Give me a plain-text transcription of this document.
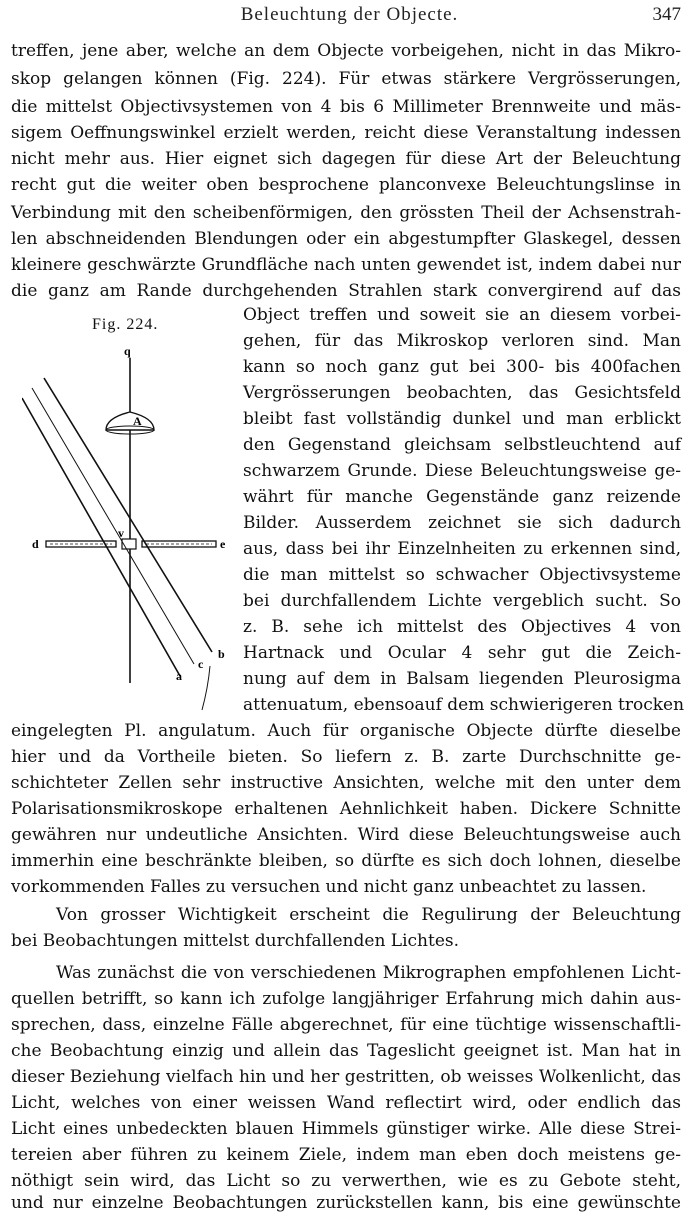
Beleuchtung der Objecte.	347
treffen, jene aber, welche an dem Objecte vorbeigehen, nicht in das Mikro-
skop gelangen können (Fig. 224). Für etwas stärkere Vergrösserungen,
die mittelst Objectivsystemen von 4 bis 6 Millimeter Brennweite und mäs-
sigem Oeffnungswinkel erzielt werden, reicht diese Veranstaltung indessen
nicht mehr aus. Hier eignet sich dagegen für diese Art der Beleuchtung
recht gut die weiter oben besprochene planconvexe Beleuchtungslinse in
Verbindung mit den scheibenförmigen, den grössten Theil der Achsenstrah-
len abschneidenden Blendungen oder ein abgestumpfter Glaskegel, dessen
kleinere geschwärzte Grundfläche nach unten gewendet ist, indem dabei nur
die ganz am Rande durchgehenden Strahlen stark convergirend auf das
Object treffen und soweit sie an diesem vorbei-
gehen, für das Mikroskop verloren sind. Man
kann so noch ganz gut bei 300- bis 400fachen
Vergrösserungen beobachten, das Gesichtsfeld
bleibt fast vollständig dunkel und man erblickt
den Gegenstand gleichsam selbstleuchtend auf
schwarzem Grunde. Diese Beleuchtungsweise ge-
währt für manche Gegenstände ganz reizende
Bilder. Ausserdem zeichnet sie sich dadurch
aus, dass bei ihr Einzelnheiten zu erkennen sind,
die man mittelst so schwacher Objectivsysteme
bei durchfallendem Lichte vergeblich sucht. So
z. B. sehe ich mittelst des Objectives 4 von
Hartnack und Ocular 4 sehr gut die Zeich-
nung auf dem in Balsam liegenden Pleurosigma
attenuatum, ebensoauf dem schwierigeren trocken
eingelegten Pl. angulatum. Auch für organische Objecte dürfte dieselbe
hier und da Vortheile bieten. So liefern z. B. zarte Durchschnitte ge-
schichteter Zellen sehr instructive Ansichten, welche mit den unter dem
Polarisationsmikroskope erhaltenen Aehnlichkeit haben. Dickere Schnitte
gewähren nur undeutliche Ansichten. Wird diese Beleuchtungsweise auch
immerhin eine beschränkte bleiben, so dürfte es sich doch lohnen, dieselbe
vorkommenden Falles zu versuchen und nicht ganz unbeachtet zu lassen.
Von grosser Wichtigkeit erscheint die Regulirung der Beleuchtung
bei Beobachtungen mittelst durchfallenden Lichtes.
Was zunächst die von verschiedenen Mikrographen empfohlenen Licht-
quellen betrifft, so kann ich zufolge langjähriger Erfahrung mich dahin aus-
sprechen, dass, einzelne Fälle abgerechnet, für eine tüchtige wissenschaftli-
che Beobachtung einzig und allein das Tageslicht geeignet ist. Man hat in
dieser Beziehung vielfach hin und her gestritten, ob weisses Wolkenlicht, das
Licht, welches von einer weissen Wand reflectirt wird, oder endlich das
Licht eines unbedeckten blauen Himmels günstiger wirke. Alle diese Strei-
tereien aber führen zu keinem Ziele, indem man eben doch meistens ge-
nöthigt sein wird, das Licht so zu verwerthen, wie es zu Gebote steht,
und nur einzelne Beobachtungen zurückstellen kann, bis eine gewünschte
Fig. 224.
q
A
d	e
v
a
c
b
